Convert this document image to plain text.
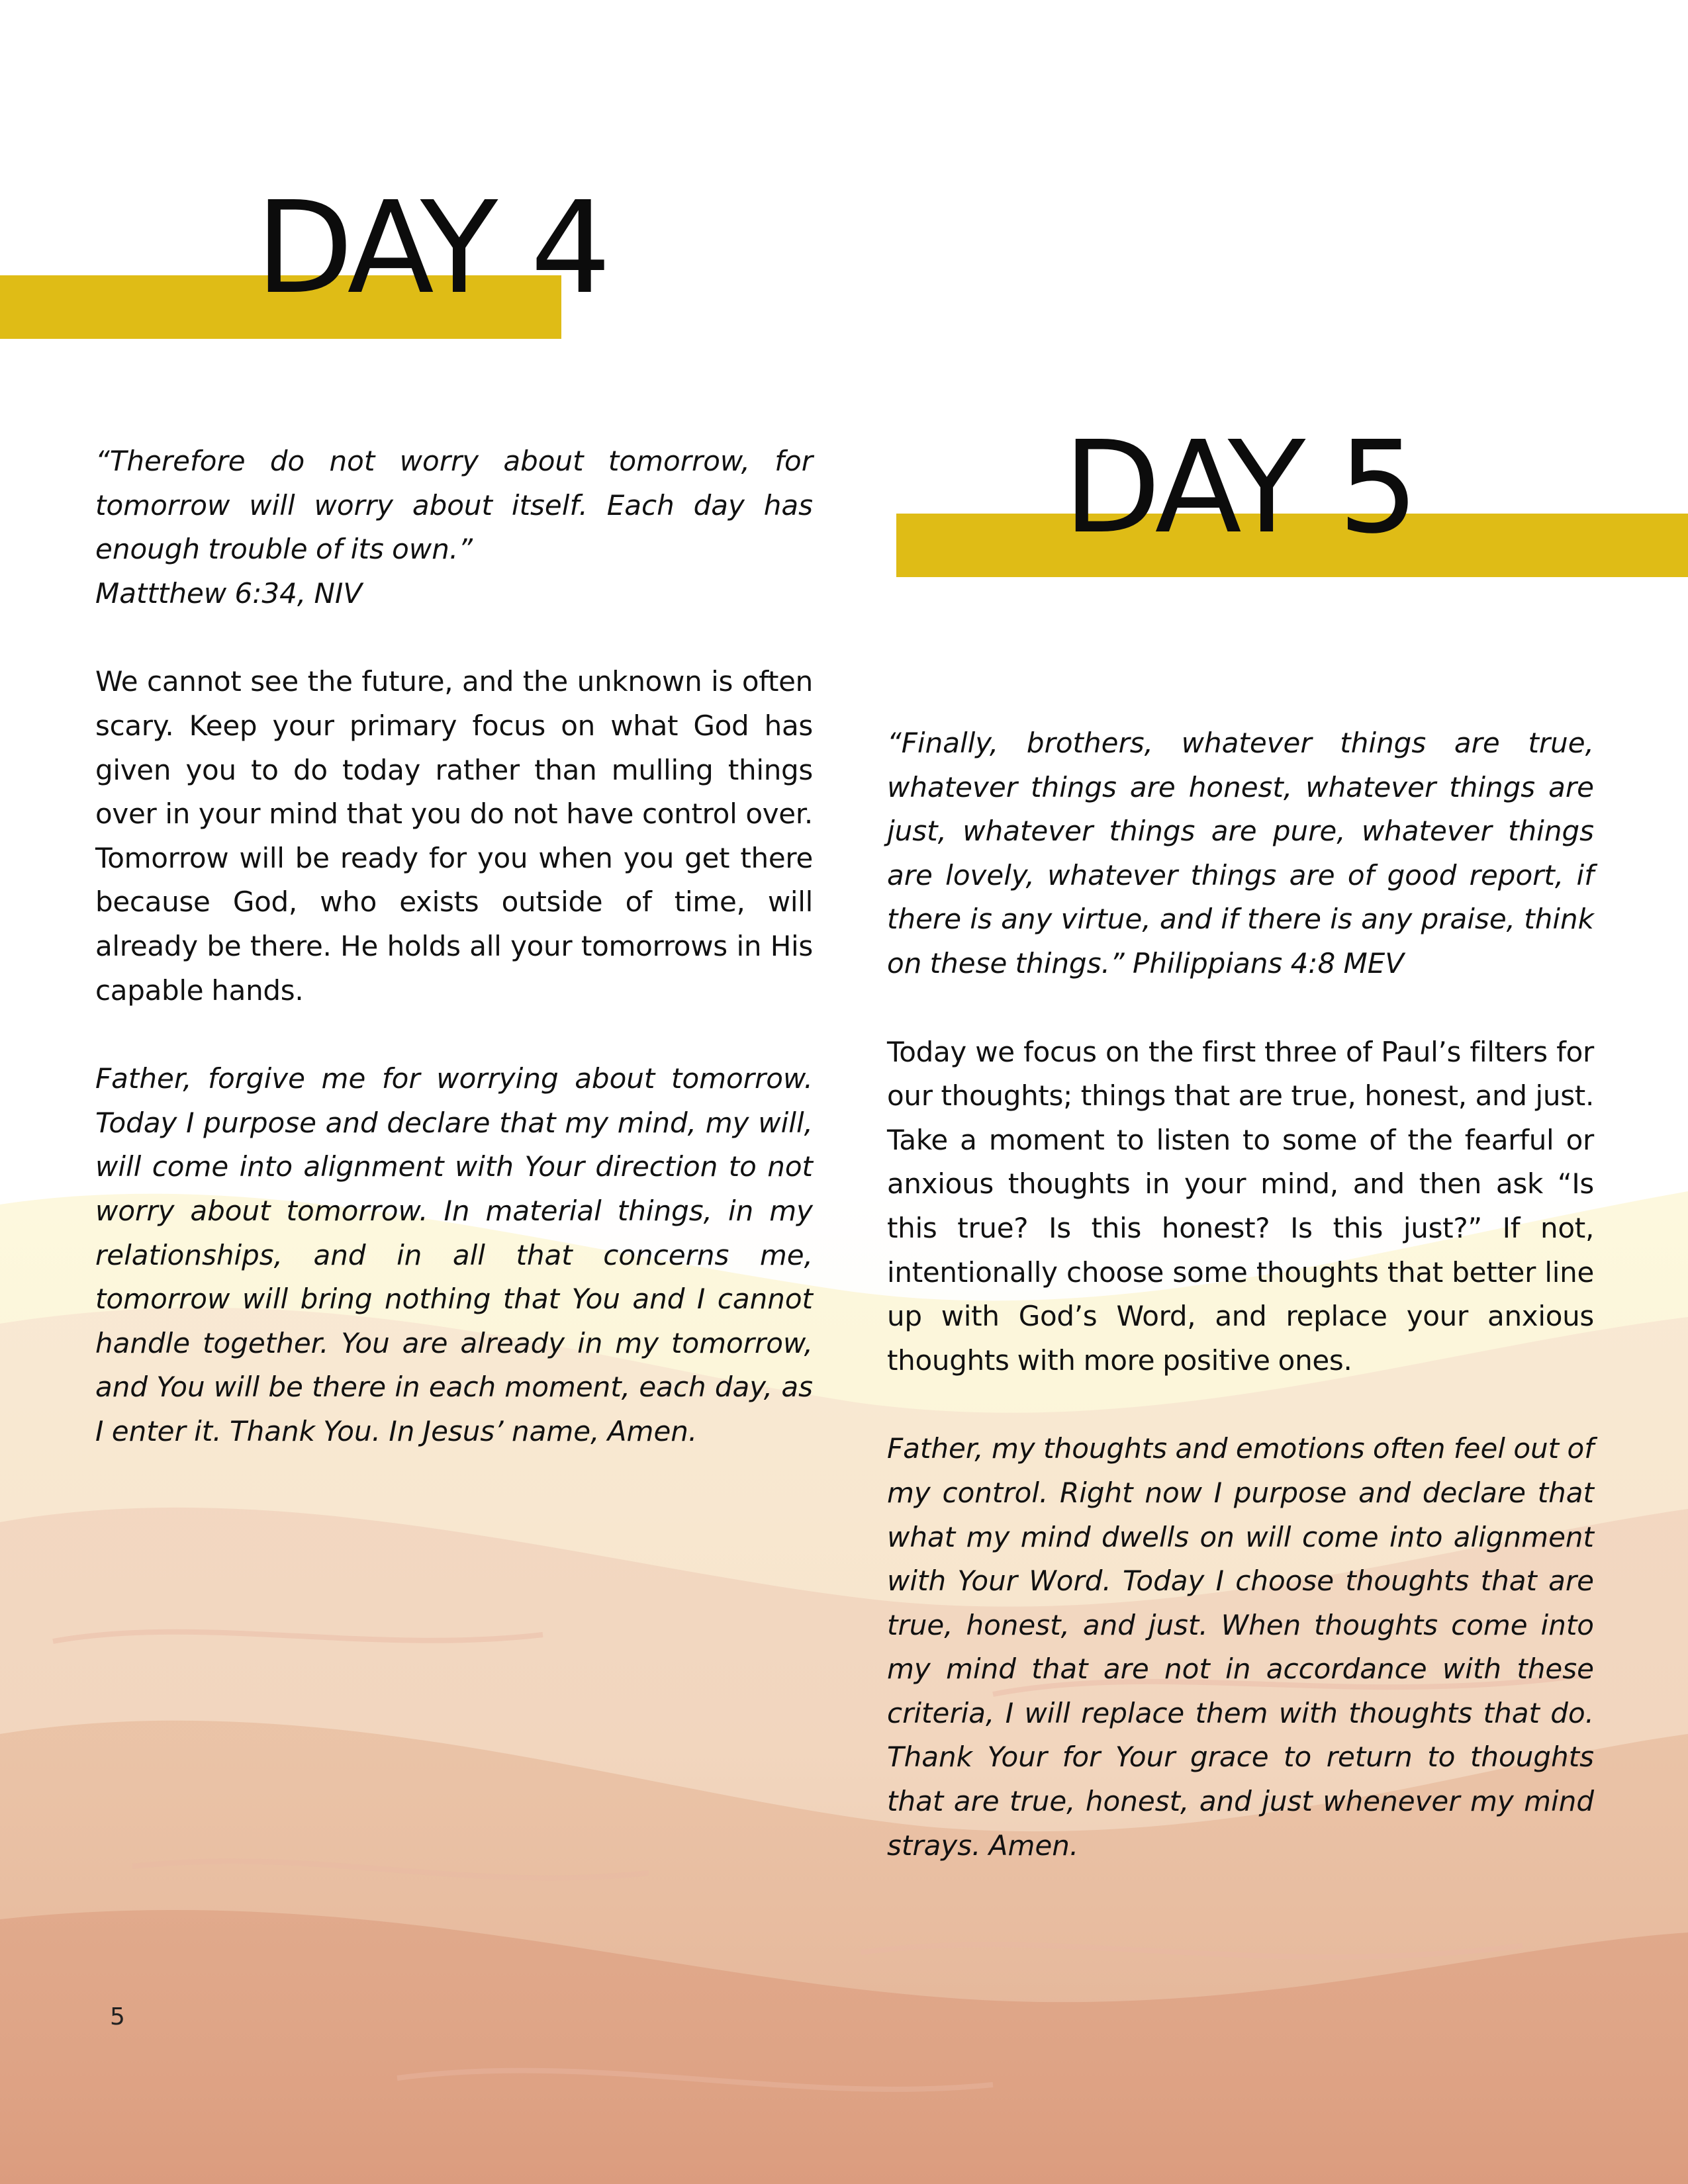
DAY 4
DAY 5

“Therefore do not worry about tomorrow, for tomorrow will worry about itself. Each day has enough trouble of its own.”

Mattthew 6:34, NIV

We cannot see the future, and the unknown is often scary. Keep your primary focus on what God has given you to do today rather than mulling things over in your mind that you do not have control over. Tomorrow will be ready for you when you get there because God, who exists outside of time, will already be there. He holds all your tomorrows in His capable hands.

Father, forgive me for worrying about tomorrow. Today I purpose and declare that my mind, my will, will come into alignment with Your direction to not worry about tomorrow. In material things, in my relationships, and in all that concerns me, tomorrow will bring nothing that You and I cannot handle together. You are already in my tomorrow, and You will be there in each moment, each day, as I enter it. Thank You. In Jesus’ name, Amen.

“Finally, brothers, whatever things are true, whatever things are honest, whatever things are just, whatever things are pure, whatever things are lovely, whatever things are of good report, if there is any virtue, and if there is any praise, think on these things.” Philippians 4:8 MEV

Today we focus on the first three of Paul’s filters for our thoughts; things that are true, honest, and just. Take a moment to listen to some of the fearful or anxious thoughts in your mind, and then ask “Is this true? Is this honest? Is this just?” If not, intentionally choose some thoughts that better line up with God’s Word, and replace your anxious thoughts with more positive ones.

Father, my thoughts and emotions often feel out of my control. Right now I purpose and declare that what my mind dwells on will come into alignment with Your Word. Today I choose thoughts that are true, honest, and just. When thoughts come into my mind that are not in accordance with these criteria, I will replace them with thoughts that do. Thank Your for Your grace to return to thoughts that are true, honest, and just whenever my mind strays. Amen.

5
